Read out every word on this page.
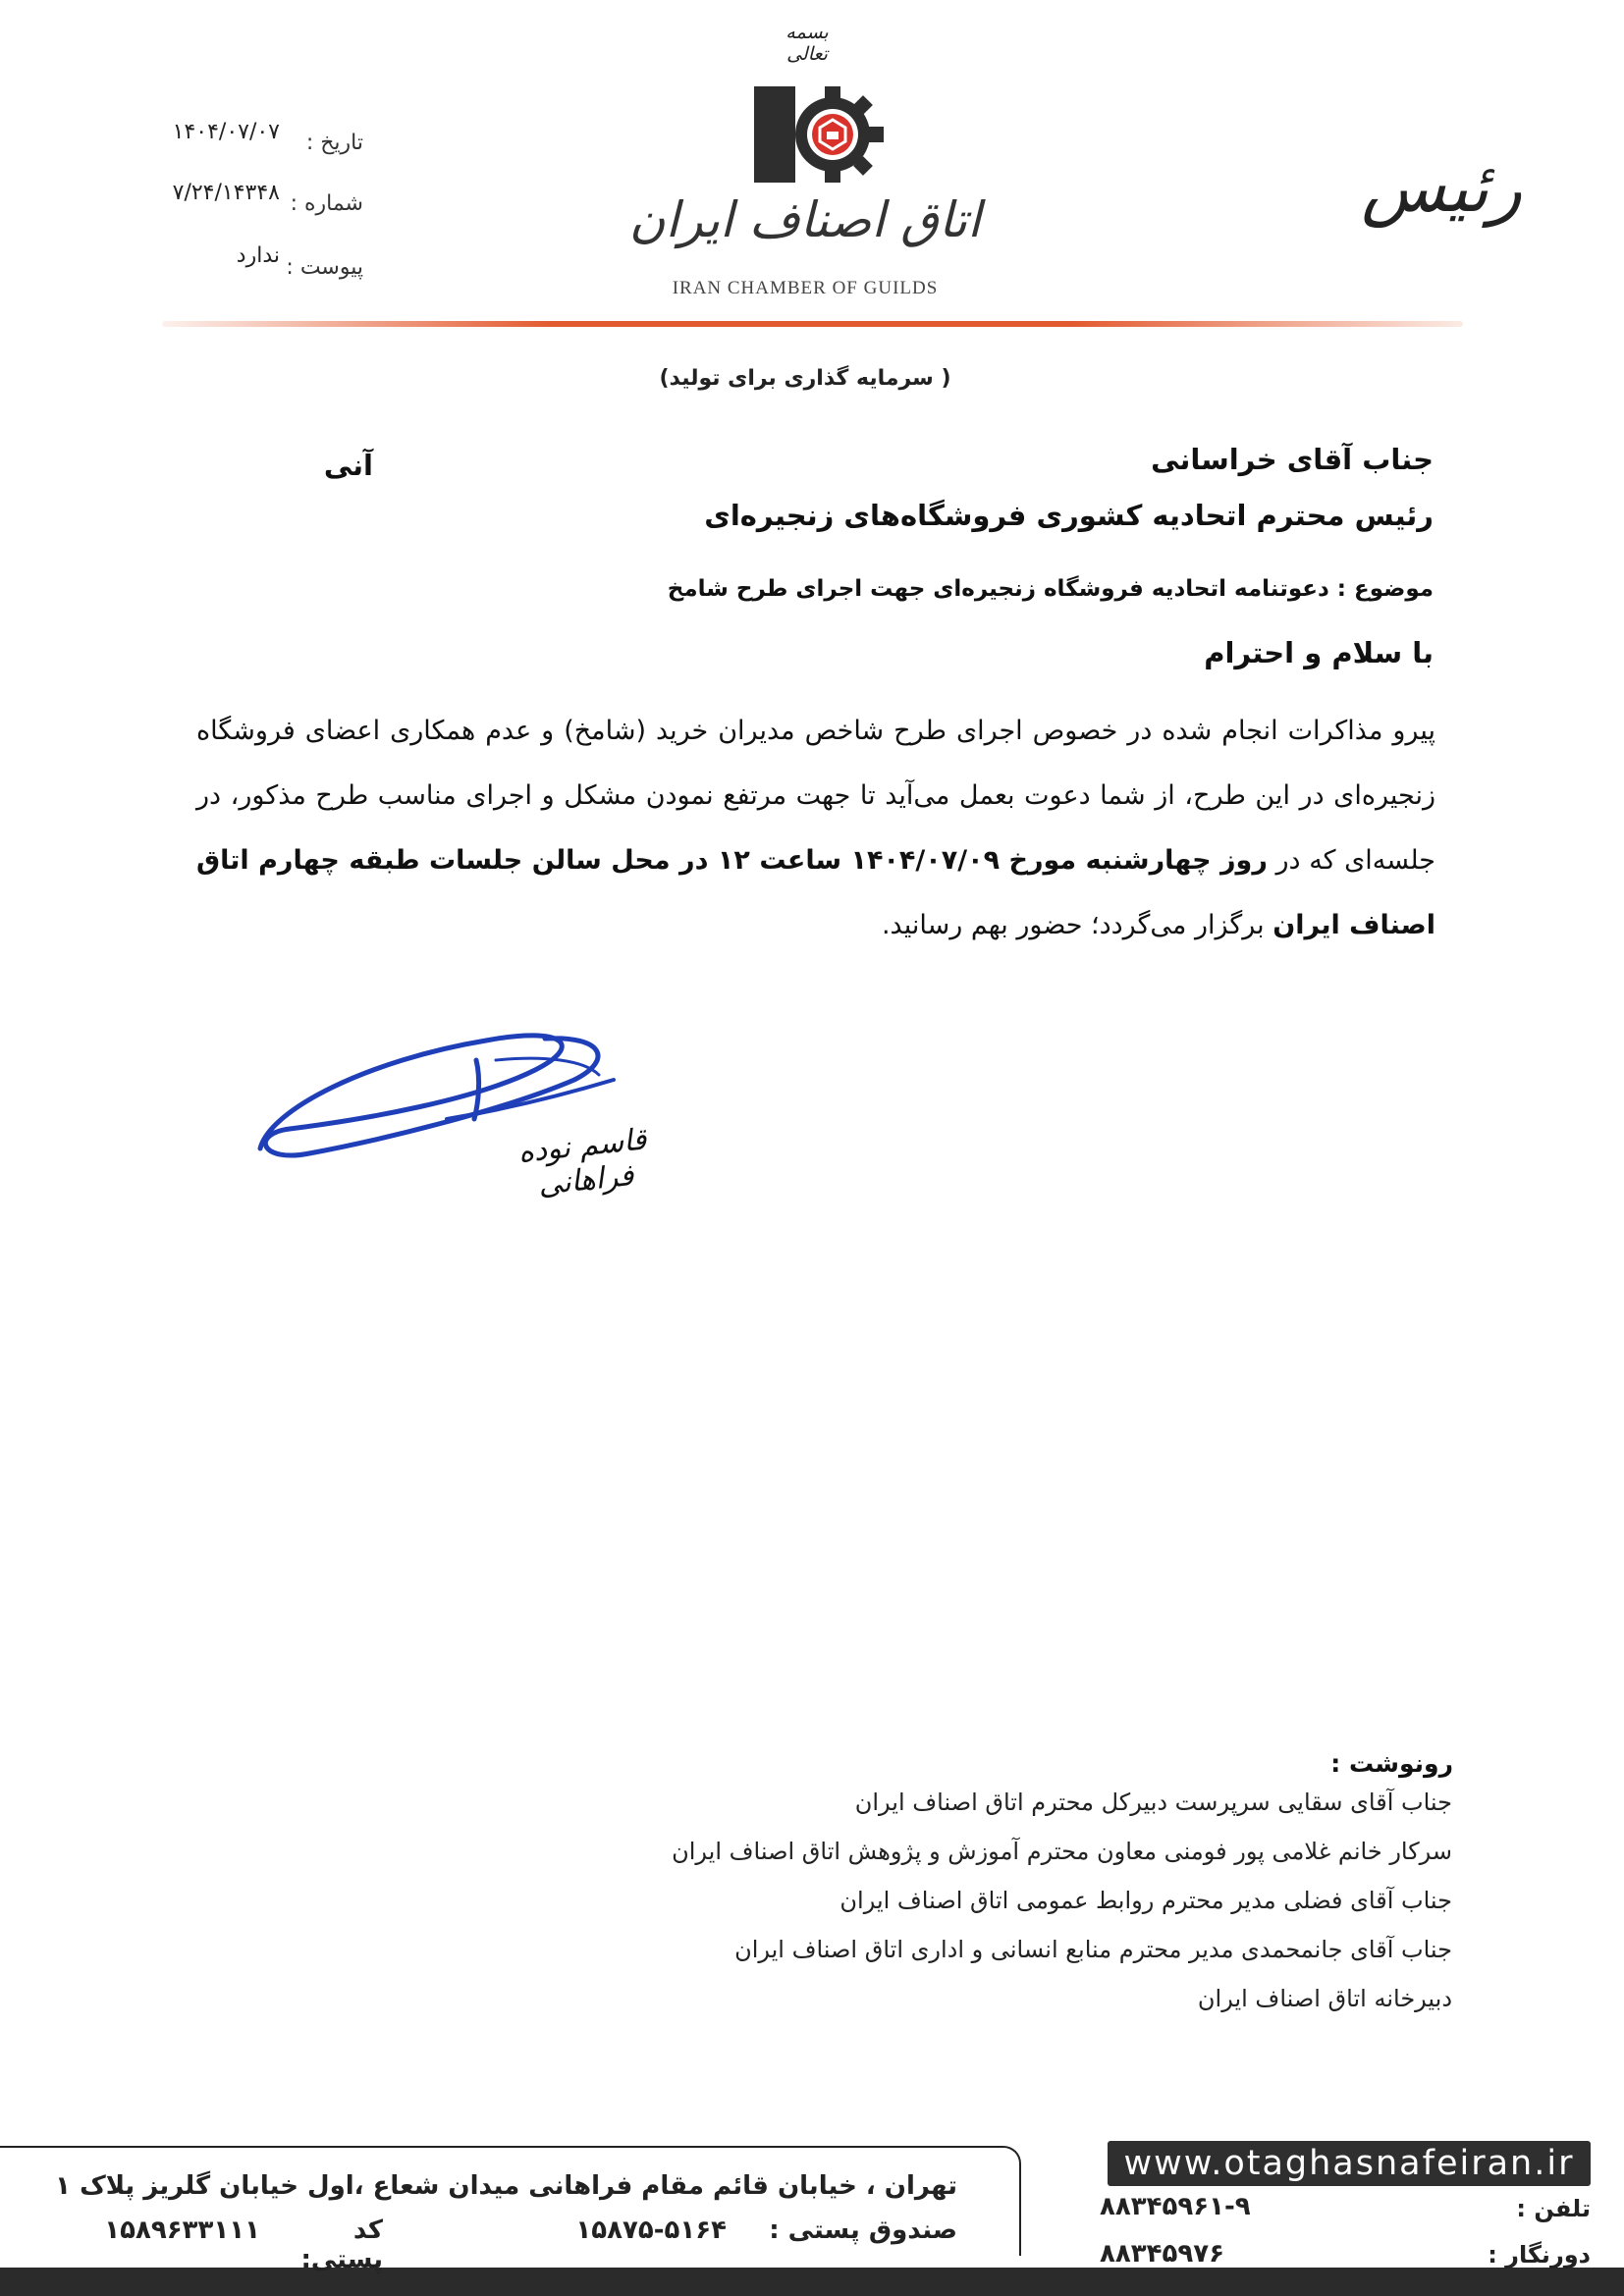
بسمه تعالی
اتاق اصناف ایران
IRAN CHAMBER OF GUILDS
رئیس
تاریخ :
۱۴۰۴/۰۷/۰۷
شماره :
۷/۲۴/۱۴۳۴۸
پیوست :
ندارد
( سرمایه گذاری برای تولید)
جناب آقای خراسانی
رئیس محترم اتحادیه کشوری فروشگاه‌های زنجیره‌ای
آنی
موضوع : دعوتنامه اتحادیه فروشگاه زنجیره‌ای جهت اجرای طرح شامخ
با سلام و احترام
پیرو مذاکرات انجام شده در خصوص اجرای طرح شاخص مدیران خرید (شامخ) و عدم همکاری اعضای فروشگاه زنجیره‌ای در این طرح، از شما دعوت بعمل می‌آید تا جهت مرتفع نمودن مشکل و اجرای مناسب طرح مذکور، در جلسه‌ای که در روز چهارشنبه مورخ ۱۴۰۴/۰۷/۰۹ ساعت ۱۲ در محل سالن جلسات طبقه چهارم اتاق اصناف ایران برگزار می‌گردد؛ حضور بهم رسانید.
قاسم نوده فراهانی
رونوشت :
جناب آقای سقایی سرپرست دبیرکل محترم اتاق اصناف ایران
سرکار خانم غلامی پور فومنی معاون محترم آموزش و پژوهش اتاق اصناف ایران
جناب آقای فضلی مدیر محترم روابط عمومی اتاق اصناف ایران
جناب آقای جانمحمدی مدیر محترم منابع انسانی و اداری اتاق اصناف ایران
دبیرخانه اتاق اصناف ایران
تهران ، خیابان قائم مقام فراهانی میدان شعاع ،اول خیابان گلریز پلاک ۱
صندوق پستی :
۱۵۸۷۵-۵۱۶۴
کد پستی:
۱۵۸۹۶۳۳۱۱۱
www.otaghasnafeiran.ir
تلفن :
۸۸۳۴۵۹۶۱-۹
دورنگار :
۸۸۳۴۵۹۷۶
